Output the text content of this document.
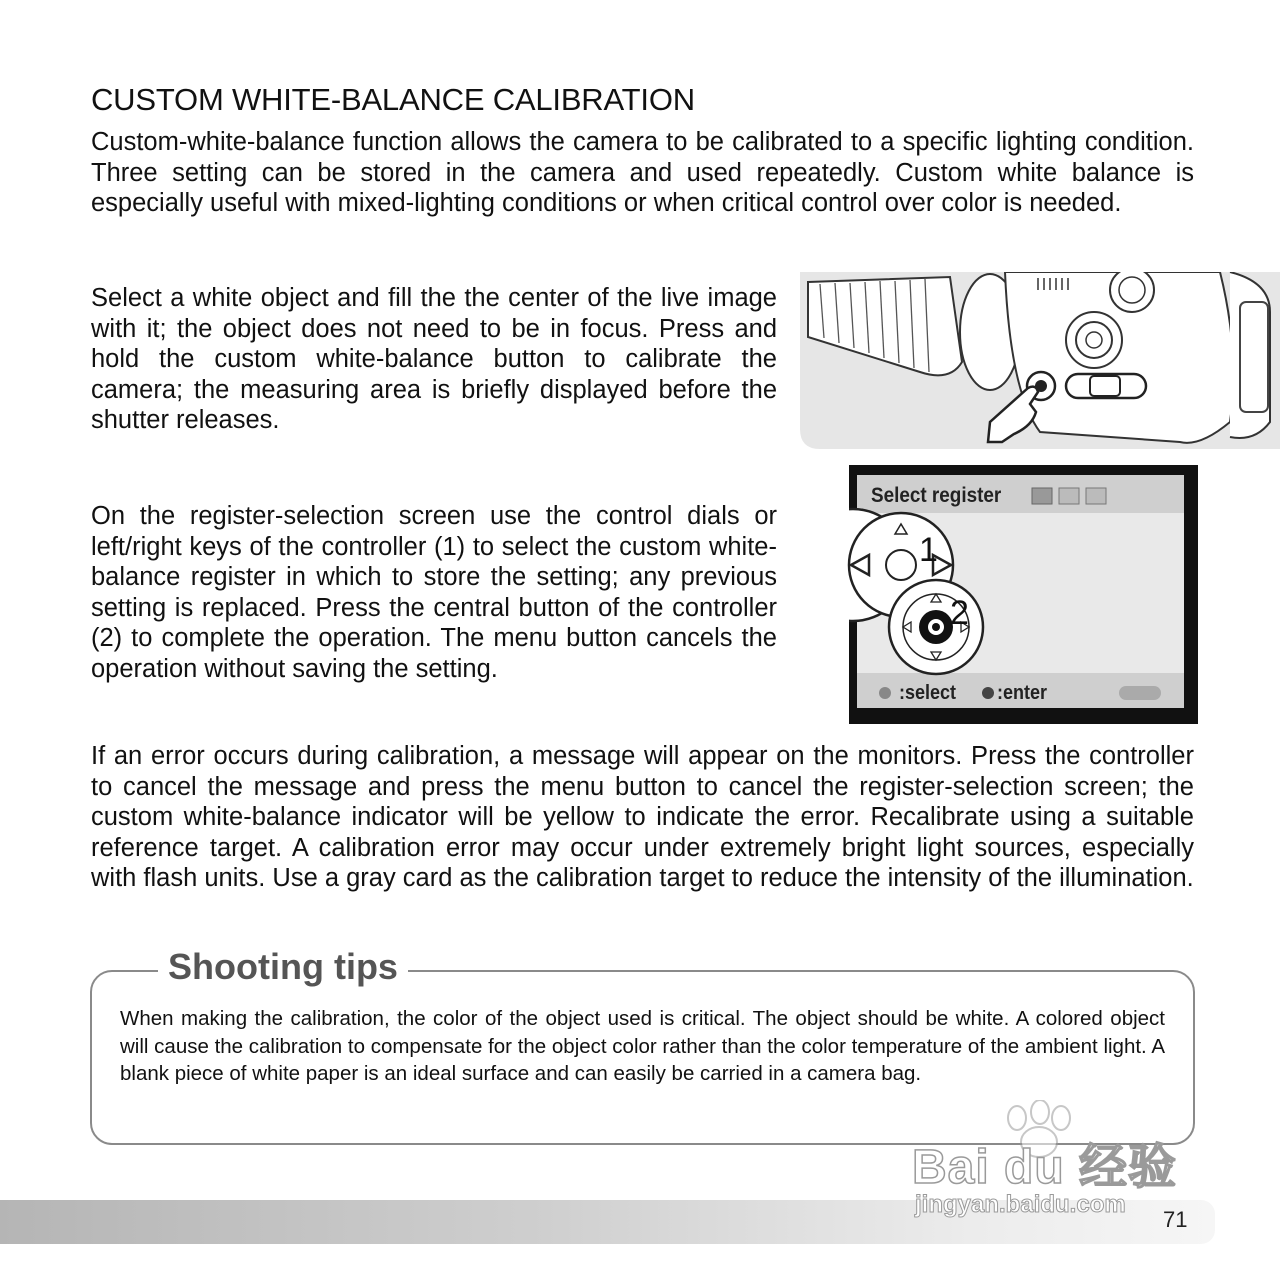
CUSTOM WHITE-BALANCE CALIBRATION
Custom-white-balance function allows the camera to be calibrated to a specific lighting condition. Three setting can be stored in the camera and used repeatedly. Custom white balance is especially useful with mixed-lighting conditions or when critical control over color is needed.
Select a white object and fill the the center of the live image with it; the object does not need to be in focus. Press and hold the custom white-balance button to calibrate the camera; the measuring area is briefly displayed before the shutter releases.
On the register-selection screen use the control dials or left/right keys of the controller (1) to select the custom white-balance register in which to store the setting; any previous setting is replaced. Press the central button of the controller (2) to complete the operation. The menu button cancels the operation without saving the setting.
Select register
:select :enter
1
2
If an error occurs during calibration, a message will appear on the monitors. Press the controller to cancel the message and press the menu button to cancel the register-selection screen; the custom white-balance indicator will be yellow to indicate the error. Recalibrate using a suitable reference target. A calibration error may occur under extremely bright light sources, especially with flash units. Use a gray card as the calibration target to reduce the intensity of the illumination.
Shooting tips
When making the calibration, the color of the object used is critical. The object should be white. A colored object will cause the calibration to compensate for the object color rather than the color temperature of the ambient light. A blank piece of white paper is an ideal surface and can easily be carried in a camera bag.
71
Bai du 经验
jingyan.baidu.com
